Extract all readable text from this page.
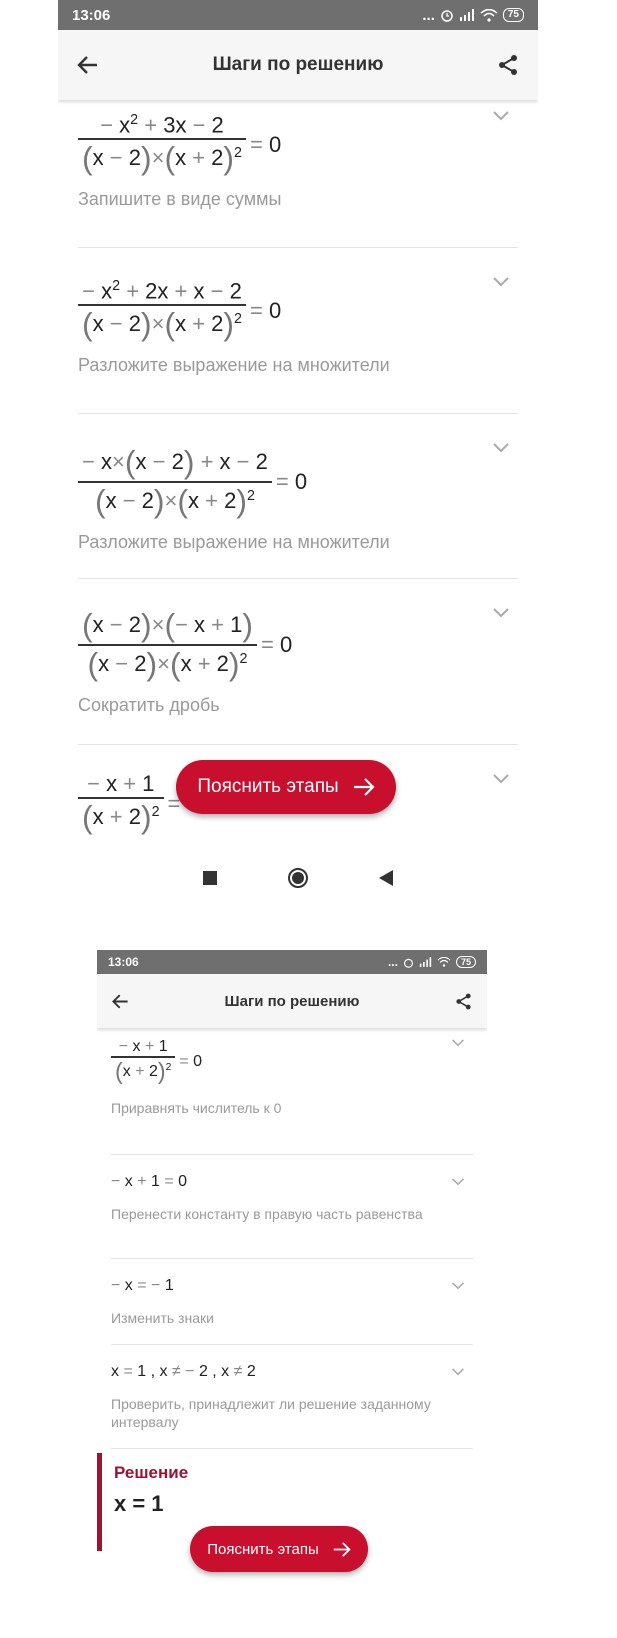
13:06	...	75
Шаги по решению
$\frac{- x^2 + 3x - 2}{(x - 2)\times(x + 2)^2} = 0$
Запишите в виде суммы
$\frac{- x^2 + 2x + x - 2}{(x - 2)\times(x + 2)^2} = 0$
Разложите выражение на множители
$\frac{- x\times(x - 2) + x - 2}{(x - 2)\times(x + 2)^2} = 0$
Разложите выражение на множители
$\frac{(x - 2)\times(- x + 1)}{(x - 2)\times(x + 2)^2} = 0$
Сократить дробь
$\frac{- x + 1}{(x + 2)^2}$ =
Пояснить этапы
13:06	...	75
Шаги по решению
$\frac{- x + 1}{(x + 2)^2} = 0$
Приравнять числитель к 0
− x + 1 = 0
Перенести константу в правую часть равенства
− x = − 1
Изменить знаки
x = 1 , x ≠ − 2 , x ≠ 2
Проверить, принадлежит ли решение заданному интервалу
Решение
x = 1
Пояснить этапы
